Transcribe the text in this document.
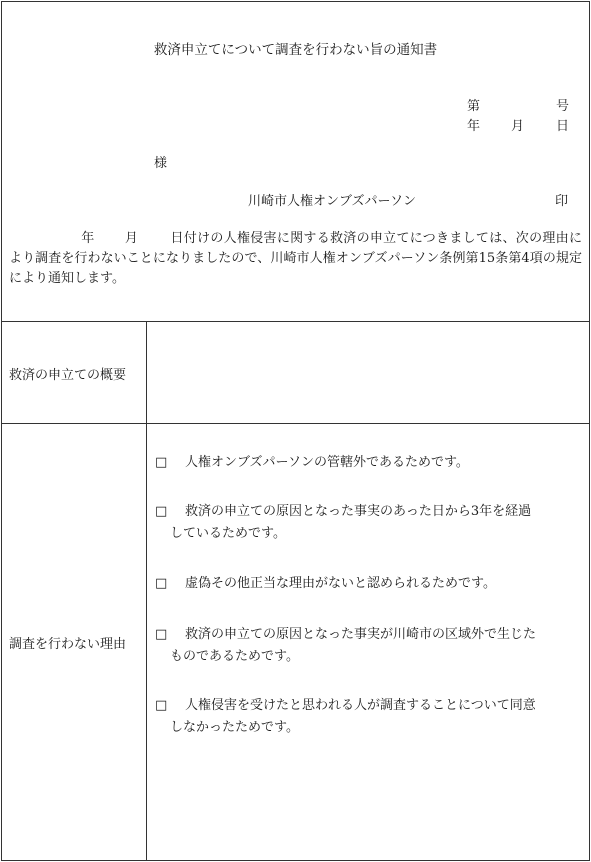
救済申立てについて調査を行わない旨の通知書
第	号
年 月 日
様
川崎市人権オンブズパーソン	印
年 月 日付けの人権侵害に関する救済の申立てにつきましては、次の理由により調査を行わないことになりましたので、川崎市人権オンブズパーソン条例第15条第4項の規定により通知します。
救済の申立ての概要
調査を行わない理由
□ 人権オンブズパーソンの管轄外であるためです。
□ 救済の申立ての原因となった事実のあった日から3年を経過
しているためです。
□ 虚偽その他正当な理由がないと認められるためです。
□ 救済の申立ての原因となった事実が川崎市の区域外で生じた
ものであるためです。
□ 人権侵害を受けたと思われる人が調査することについて同意
しなかったためです。
